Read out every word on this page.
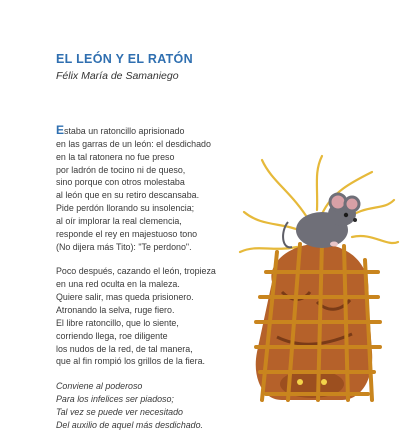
EL LEÓN Y EL RATÓN

Félix María de Samaniego

Estaba un ratoncillo aprisionado
en las garras de un león: el desdichado
en la tal ratonera no fue preso
por ladrón de tocino ni de queso,
sino porque con otros molestaba
al león que en su retiro descansaba.
Pide perdón llorando su insolencia;
al oír implorar la real clemencia,
responde el rey en majestuoso tono
(No dijera más Tito): "Te perdono".
Poco después, cazando el león, tropieza
en una red oculta en la maleza.
Quiere salir, mas queda prisionero.
Atronando la selva, ruge fiero.
El libre ratoncillo, que lo siente,
corriendo llega, roe diligente
los nudos de la red, de tal manera,
que al fin rompió los grillos de la fiera.
Conviene al poderoso
Para los infelices ser piadoso;
Tal vez se puede ver necesitado
Del auxilio de aquel más desdichado.
